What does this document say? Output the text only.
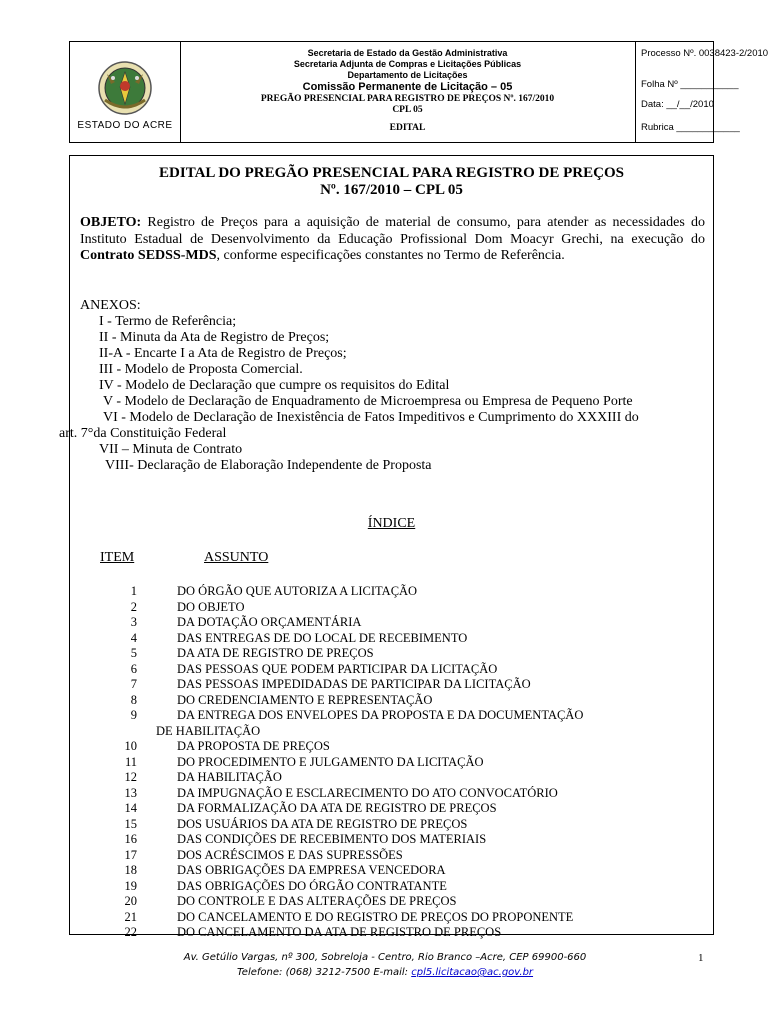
ESTADO DO ACRE
Secretaria de Estado da Gestão Administrativa
Secretaria Adjunta de Compras e Licitações Públicas
Departamento de Licitações
Comissão Permanente de Licitação – 05
PREGÃO PRESENCIAL PARA REGISTRO DE PREÇOS Nº. 167/2010
CPL 05
EDITAL
Processo Nº. 0038423-2/2010
Folha Nº ___________
Data: __/__/2010
Rubrica ____________
EDITAL DO PREGÃO PRESENCIAL PARA REGISTRO DE PREÇOS
Nº. 167/2010 – CPL 05
OBJETO: Registro de Preços para a aquisição de material de consumo, para atender as necessidades do Instituto Estadual de Desenvolvimento da Educação Profissional Dom Moacyr Grechi, na execução do Contrato SEDSS-MDS, conforme especificações constantes no Termo de Referência.
ANEXOS:
I - Termo de Referência;
II - Minuta da Ata de Registro de Preços;
II-A - Encarte I a Ata de Registro de Preços;
III - Modelo de Proposta Comercial.
IV - Modelo de Declaração que cumpre os requisitos do Edital
V - Modelo de Declaração de Enquadramento de Microempresa ou Empresa de Pequeno Porte
VI - Modelo de Declaração de Inexistência de Fatos Impeditivos e Cumprimento do XXXIII do
art. 7°da Constituição Federal
VII – Minuta de Contrato
VIII- Declaração de Elaboração Independente de Proposta
ÍNDICE
ITEM	ASSUNTO
1	DO ÓRGÃO QUE AUTORIZA A LICITAÇÃO
2	DO OBJETO
3	DA DOTAÇÃO ORÇAMENTÁRIA
4	DAS ENTREGAS DE DO LOCAL DE RECEBIMENTO
5	DA ATA DE REGISTRO DE PREÇOS
6	DAS PESSOAS QUE PODEM PARTICIPAR DA LICITAÇÃO
7	DAS PESSOAS IMPEDIDADAS DE PARTICIPAR DA LICITAÇÃO
8	DO CREDENCIAMENTO E REPRESENTAÇÃO
9	DA ENTREGA DOS ENVELOPES DA PROPOSTA E DA DOCUMENTAÇÃO
DE HABILITAÇÃO
10	DA PROPOSTA DE PREÇOS
11	DO PROCEDIMENTO E JULGAMENTO DA LICITAÇÃO
12	DA HABILITAÇÃO
13	DA IMPUGNAÇÃO E ESCLARECIMENTO DO ATO CONVOCATÓRIO
14	DA FORMALIZAÇÃO DA ATA DE REGISTRO DE PREÇOS
15	DOS USUÁRIOS DA ATA DE REGISTRO DE PREÇOS
16	DAS CONDIÇÕES DE RECEBIMENTO DOS MATERIAIS
17	DOS ACRÉSCIMOS E DAS SUPRESSÕES
18	DAS OBRIGAÇÕES DA EMPRESA VENCEDORA
19	DAS OBRIGAÇÕES DO ÓRGÃO CONTRATANTE
20	DO CONTROLE E DAS ALTERAÇÕES DE PREÇOS
21	DO CANCELAMENTO E DO REGISTRO DE PREÇOS DO PROPONENTE
22	DO CANCELAMENTO DA ATA DE REGISTRO DE PREÇOS
Av. Getúlio Vargas, nº 300, Sobreloja - Centro, Rio Branco –Acre, CEP 69900-660
Telefone: (068) 3212-7500 E-mail: cpl5.licitacao@ac.gov.br
1
